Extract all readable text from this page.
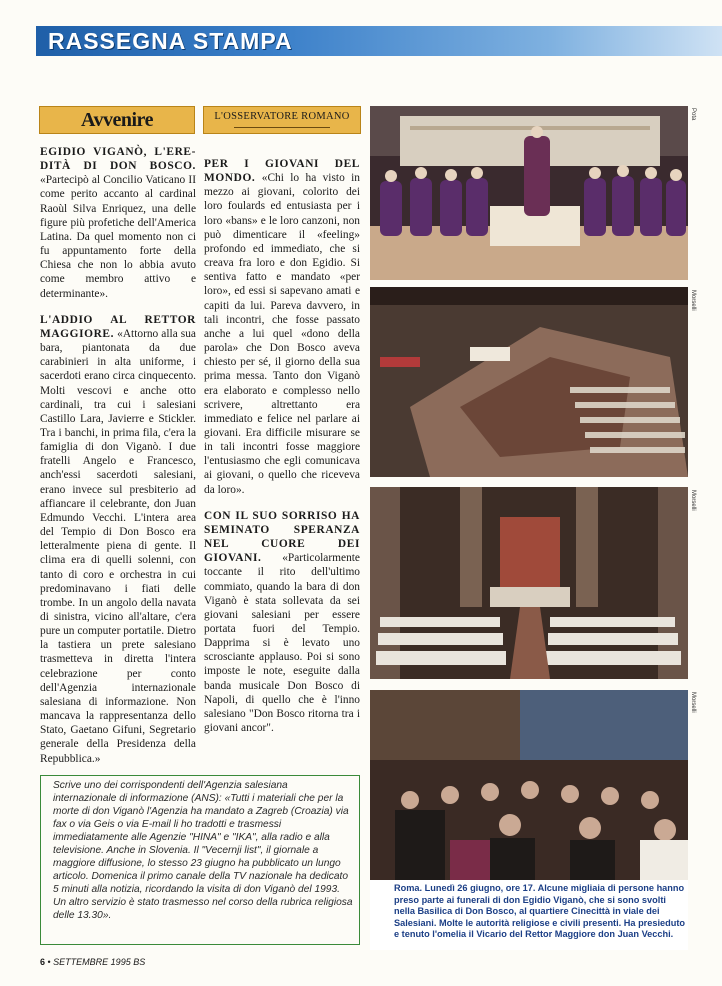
RASSEGNA STAMPA
Avvenire	L'OSSERVATORE ROMANO

EGIDIO VIGANÒ, L'ERE-DITÀ DI DON BOSCO. «Partecipò al Concilio Vaticano II come perito accanto al cardinal Raoùl Silva Enriquez, una delle figure più profetiche dell'America Latina. Da quel momento non ci fu appuntamento forte della Chiesa che non lo abbia avuto come membro attivo e determinante».

L'ADDIO AL RETTOR MAGGIORE. «Attorno alla sua bara, piantonata da due carabinieri in alta uniforme, i sacerdoti erano circa cinquecento. Molti vescovi e anche otto cardinali, tra cui i salesiani Castillo Lara, Javierre e Stickler. Tra i banchi, in prima fila, c'era la famiglia di don Viganò. I due fratelli Angelo e Francesco, anch'essi sacerdoti salesiani, erano invece sul presbiterio ad affiancare il celebrante, don Juan Edmundo Vecchi. L'intera area del Tempio di Don Bosco era letteralmente piena di gente. Il clima era di quelli solenni, con tanto di coro e orchestra in cui predominavano i fiati delle trombe. In un angolo della navata di sinistra, vicino all'altare, c'era pure un computer portatile. Dietro la tastiera un prete salesiano trasmetteva in diretta l'intera celebrazione per conto dell'Agenzia internazionale salesiana di informazione. Non mancava la rappresentanza dello Stato, Gaetano Gifuni, Segretario generale della Presidenza della Repubblica.»

PER I GIOVANI DEL MONDO. «Chi lo ha visto in mezzo ai giovani, colorito dei loro foulards ed entusiasta per i loro «bans» e le loro canzoni, non può dimenticare il «feeling» profondo ed immediato, che si creava fra loro e don Egidio. Si sentiva fatto e mandato «per loro», ed essi si sapevano amati e capiti da lui. Pareva davvero, in tali incontri, che fosse passato anche a lui quel «dono della parola» che Don Bosco aveva chiesto per sé, il giorno della sua prima messa. Tanto don Viganò era elaborato e complesso nello scrivere, altrettanto era immediato e felice nel parlare ai giovani. Era difficile misurare se in tali incontri fosse maggiore l'entusiasmo che egli comunicava ai giovani, o quello che riceveva da loro».

CON IL SUO SORRISO HA SEMINATO SPERANZA NEL CUORE DEI GIOVANI. «Particolarmente toccante il rito dell'ultimo commiato, quando la bara di don Viganò è stata sollevata da sei giovani salesiani per essere portata fuori del Tempio. Dapprima si è levato uno scrosciante applauso. Poi si sono imposte le note, eseguite dalla banda musicale Don Bosco di Napoli, di quello che è l'inno salesiano "Don Bosco ritorna tra i giovani ancor".

Pota
Morselli
Morselli
Morselli

Roma. Lunedì 26 giugno, ore 17. Alcune migliaia di persone hanno preso parte ai funerali di don Egidio Viganò, che si sono svolti nella Basilica di Don Bosco, al quartiere Cinecittà in viale dei Salesiani. Molte le autorità religiose e civili presenti. Ha presieduto e tenuto l'omelia il Vicario del Rettor Maggiore don Juan Vecchi.

Scrive uno dei corrispondenti dell'Agenzia salesiana internazionale di informazione (ANS): «Tutti i materiali che per la morte di don Viganò l'Agenzia ha mandato a Zagreb (Croazia) via fax o via Geis o via E-mail li ho tradotti e trasmessi immediatamente alle Agenzie "HINA" e "IKA", alla radio e alla televisione. Anche in Slovenia. Il "Vecernji list", il giornale a maggiore diffusione, lo stesso 23 giugno ha pubblicato un lungo articolo. Domenica il primo canale della TV nazionale ha dedicato 5 minuti alla notizia, ricordando la visita di don Viganò del 1993. Un altro servizio è stato trasmesso nel corso della rubrica religiosa delle 13.30».

6 • SETTEMBRE 1995 BS
